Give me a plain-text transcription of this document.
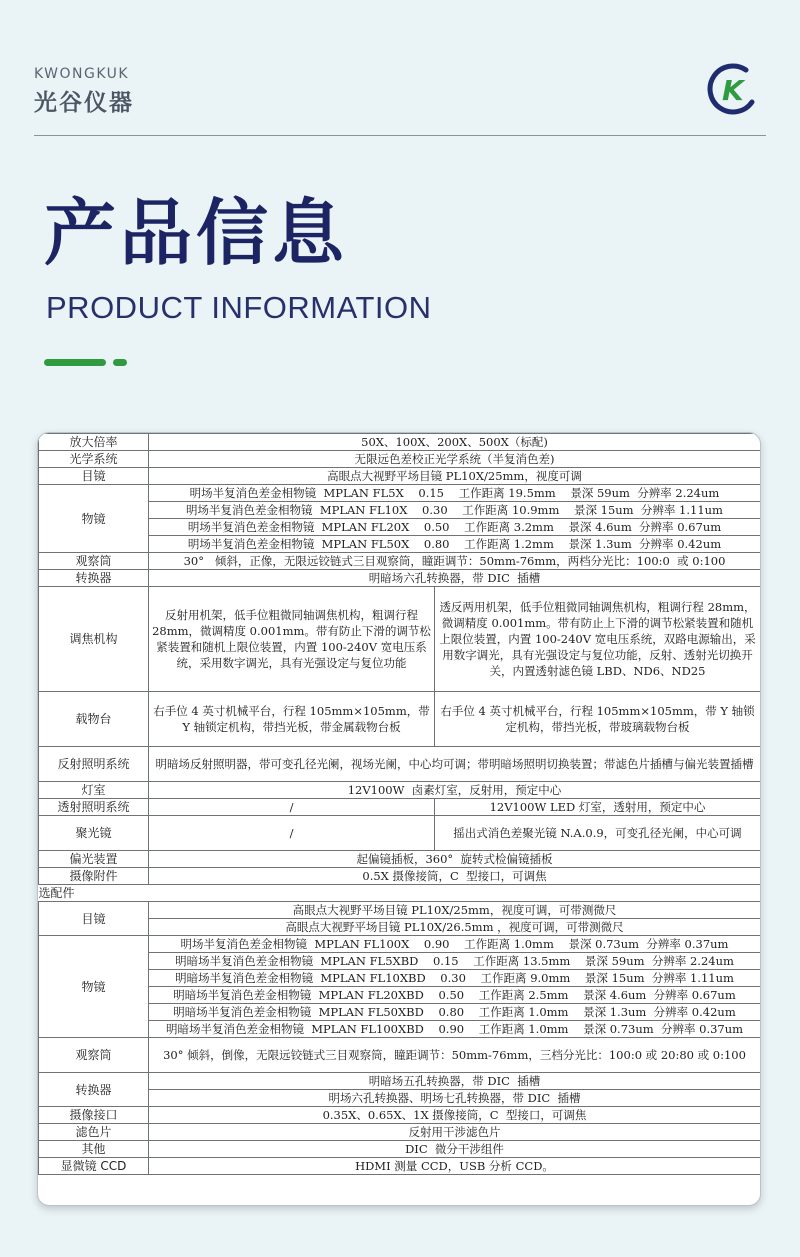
KWONGKUK
光谷仪器	K
产品信息
PRODUCT INFORMATION
放大倍率	50X、100X、200X、500X（标配)	
光学系统	无限远色差校正光学系统（半复消色差)	
目镜	高眼点大视野平场目镜 PL10X/25mm，视度可调	
物镜	明场半复消色差金相物镜  MPLAN FL5X    0.15    工作距离 19.5mm    景深 59um  分辨率 2.24um	
	明场半复消色差金相物镜  MPLAN FL10X    0.30    工作距离 10.9mm    景深 15um  分辨率 1.11um	
	明场半复消色差金相物镜  MPLAN FL20X    0.50    工作距离 3.2mm    景深 4.6um  分辨率 0.67um	
	明场半复消色差金相物镜  MPLAN FL50X    0.80    工作距离 1.2mm    景深 1.3um  分辨率 0.42um	
观察筒	30°   倾斜，正像，无限远铰链式三目观察筒，瞳距调节：50mm-76mm，两档分光比：100:0  或 0:100	
转换器	明暗场六孔转换器，带 DIC  插槽	
调焦机构	反射用机架，低手位粗微同轴调焦机构，粗调行程 28mm，微调精度 0.001mm。带有防止下滑的调节松紧装置和随机上限位装置，内置 100-240V 宽电压系统，采用数字调光，具有光强设定与复位功能	透反两用机架，低手位粗微同轴调焦机构，粗调行程 28mm，微调精度 0.001mm。带有防止上下滑的调节松紧装置和随机上限位装置，内置 100-240V 宽电压系统，双路电源输出，采用数字调光，具有光强设定与复位功能，反射、透射光切换开关，内置透射滤色镜 LBD、ND6、ND25
载物台	右手位 4 英寸机械平台，行程 105mm×105mm，带 Y 轴锁定机构，带挡光板，带金属载物台板	右手位 4 英寸机械平台，行程 105mm×105mm，带 Y 轴锁定机构，带挡光板，带玻璃载物台板
反射照明系统	明暗场反射照明器，带可变孔径光阑，视场光阑，中心均可调；带明暗场照明切换装置；带滤色片插槽与偏光装置插槽	
灯室	12V100W  卤素灯室，反射用，预定中心	
透射照明系统	/	12V100W LED 灯室，透射用，预定中心
聚光镜	/	摇出式消色差聚光镜 N.A.0.9，可变孔径光阑，中心可调
偏光装置	起偏镜插板，360°  旋转式检偏镜插板	
摄像附件	0.5X 摄像接筒，C  型接口，可调焦	
选配件		
目镜	高眼点大视野平场目镜 PL10X/25mm，视度可调，可带测微尺	
	高眼点大视野平场目镜 PL10X/26.5mm ，视度可调，可带测微尺	
物镜	明场半复消色差金相物镜  MPLAN FL100X    0.90    工作距离 1.0mm    景深 0.73um  分辨率 0.37um	
	明暗场半复消色差金相物镜  MPLAN FL5XBD    0.15    工作距离 13.5mm    景深 59um  分辨率 2.24um	
	明暗场半复消色差金相物镜  MPLAN FL10XBD    0.30    工作距离 9.0mm    景深 15um  分辨率 1.11um	
	明暗场半复消色差金相物镜  MPLAN FL20XBD    0.50    工作距离 2.5mm    景深 4.6um  分辨率 0.67um	
	明暗场半复消色差金相物镜  MPLAN FL50XBD    0.80    工作距离 1.0mm    景深 1.3um  分辨率 0.42um	
	明暗场半复消色差金相物镜  MPLAN FL100XBD    0.90    工作距离 1.0mm    景深 0.73um  分辨率 0.37um	
观察筒	30° 倾斜，倒像，无限远铰链式三目观察筒，瞳距调节：50mm-76mm，三档分光比：100:0 或 20:80 或 0:100	
转换器	明暗场五孔转换器，带 DIC  插槽	
	明场六孔转换器、明场七孔转换器，带 DIC  插槽	
摄像接口	0.35X、0.65X、1X 摄像接筒，C  型接口，可调焦	
滤色片	反射用干涉滤色片	
其他	DIC  微分干涉组件	
显微镜 CCD	HDMI 测量 CCD，USB 分析 CCD。	
